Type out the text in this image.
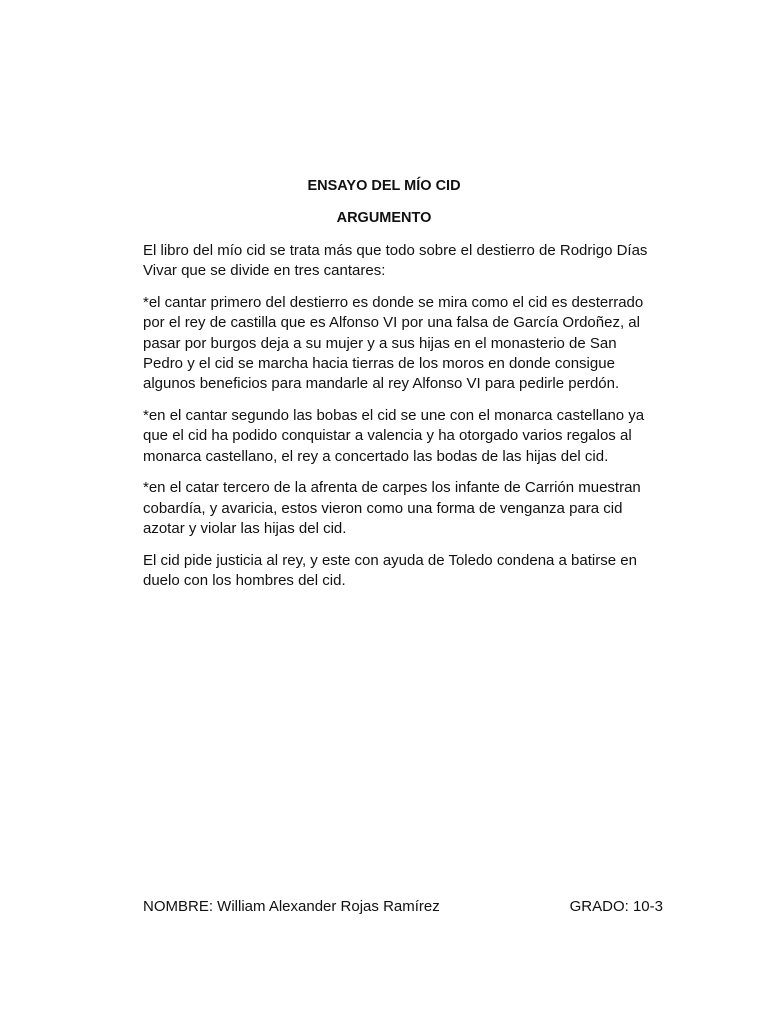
ENSAYO DEL MÍO CID
ARGUMENTO

El libro del mío cid se trata más que todo sobre el destierro de Rodrigo Días
Vivar que se divide en tres cantares:

*el cantar primero del destierro es donde se mira como el cid es desterrado
por el rey de castilla que es Alfonso VI por una falsa de García Ordoñez, al
pasar por burgos deja a su mujer y a sus hijas en el monasterio de San
Pedro y el cid se marcha hacia tierras de los moros en donde consigue
algunos beneficios para mandarle al rey Alfonso VI para pedirle perdón.

*en el cantar segundo las bobas el cid se une con el monarca castellano ya
que el cid ha podido conquistar a valencia y ha otorgado varios regalos al
monarca castellano, el rey a concertado las bodas de las hijas del cid.

*en el catar tercero de la afrenta de carpes los infante de Carrión muestran
cobardía, y avaricia, estos vieron como una forma de venganza para cid
azotar y violar las hijas del cid.

El cid pide justicia al rey, y este con ayuda de Toledo condena a batirse en
duelo con los hombres del cid.

NOMBRE: William Alexander Rojas Ramírez	GRADO: 10-3
